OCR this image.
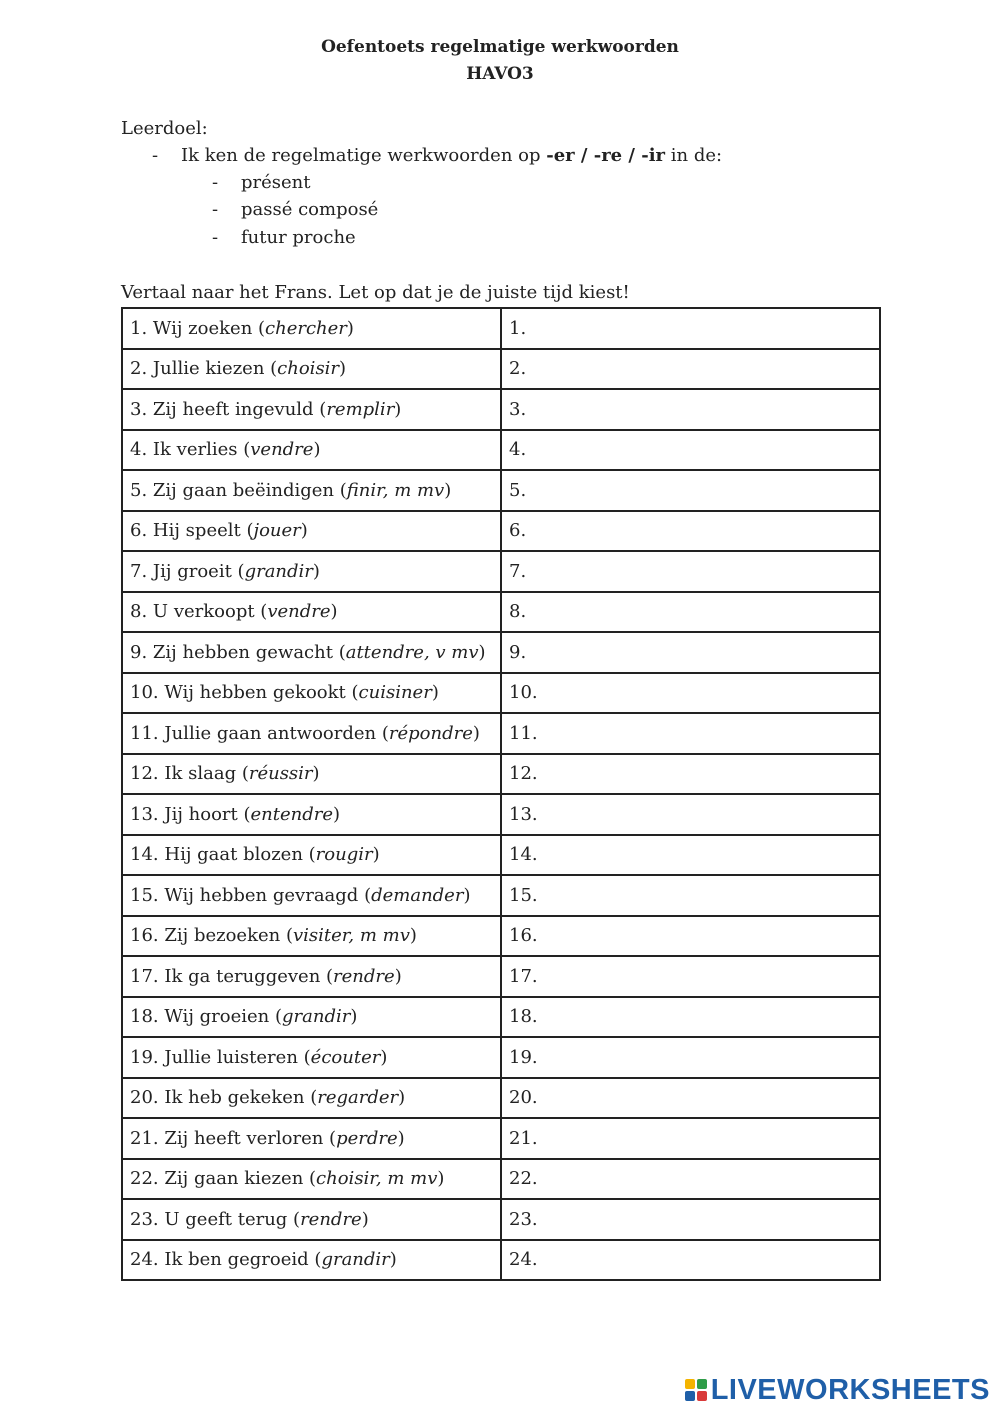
Oefentoets regelmatige werkwoorden
HAVO3
Leerdoel:
- Ik ken de regelmatige werkwoorden op -er / -re / -ir in de:
- présent
- passé composé
- futur proche
Vertaal naar het Frans. Let op dat je de juiste tijd kiest!
1. Wij zoeken (chercher)	1.
2. Jullie kiezen (choisir)	2.
3. Zij heeft ingevuld (remplir)	3.
4. Ik verlies (vendre)	4.
5. Zij gaan beëindigen (finir, m mv)	5.
6. Hij speelt (jouer)	6.
7. Jij groeit (grandir)	7.
8. U verkoopt (vendre)	8.
9. Zij hebben gewacht (attendre, v mv)	9.
10. Wij hebben gekookt (cuisiner)	10.
11. Jullie gaan antwoorden (répondre)	11.
12. Ik slaag (réussir)	12.
13. Jij hoort (entendre)	13.
14. Hij gaat blozen (rougir)	14.
15. Wij hebben gevraagd (demander)	15.
16. Zij bezoeken (visiter, m mv)	16.
17. Ik ga teruggeven (rendre)	17.
18. Wij groeien (grandir)	18.
19. Jullie luisteren (écouter)	19.
20. Ik heb gekeken (regarder)	20.
21. Zij heeft verloren (perdre)	21.
22. Zij gaan kiezen (choisir, m mv)	22.
23. U geeft terug (rendre)	23.
24. Ik ben gegroeid (grandir)	24.
LIVEWORKSHEETS
